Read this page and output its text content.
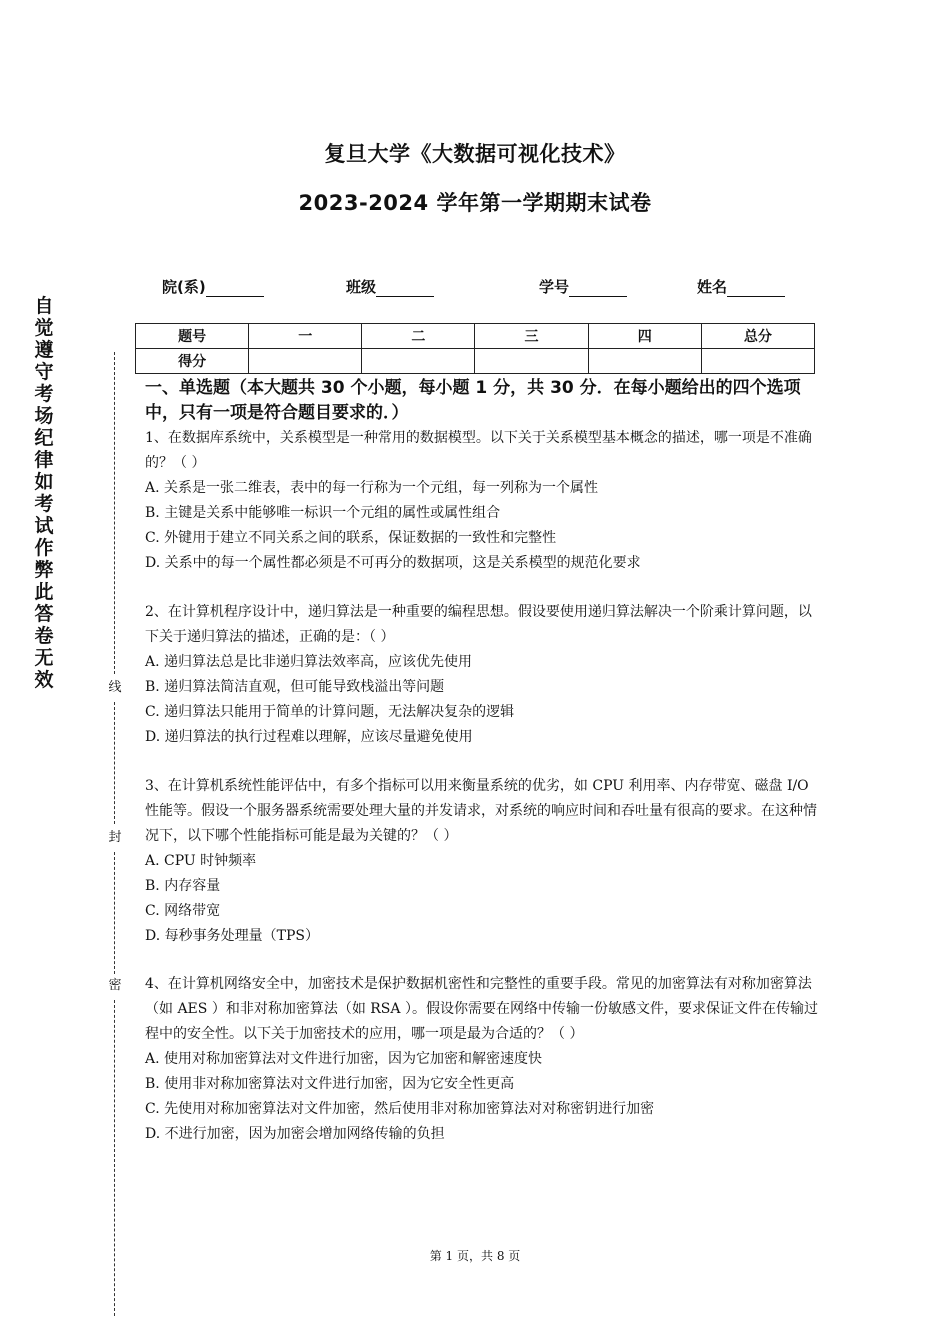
复旦大学《大数据可视化技术》
2023-2024 学年第一学期期末试卷
院(系)	班级	学号	姓名
题号	一	二	三	四	总分
得分					
自觉遵守考场纪律如考试作弊此答卷无效	线
封
密
一、单选题（本大题共 30 个小题，每小题 1 分，共 30 分．在每小题给出的四个选项中，只有一项是符合题目要求的．）

1、在数据库系统中，关系模型是一种常用的数据模型。以下关于关系模型基本概念的描述，哪一项是不准确的？（ ）

A. 关系是一张二维表，表中的每一行称为一个元组，每一列称为一个属性

B. 主键是关系中能够唯一标识一个元组的属性或属性组合

C. 外键用于建立不同关系之间的联系，保证数据的一致性和完整性

D. 关系中的每一个属性都必须是不可再分的数据项，这是关系模型的规范化要求

2、在计算机程序设计中，递归算法是一种重要的编程思想。假设要使用递归算法解决一个阶乘计算问题，以下关于递归算法的描述，正确的是：（ ）

A. 递归算法总是比非递归算法效率高，应该优先使用

B. 递归算法简洁直观，但可能导致栈溢出等问题

C. 递归算法只能用于简单的计算问题，无法解决复杂的逻辑

D. 递归算法的执行过程难以理解，应该尽量避免使用

3、在计算机系统性能评估中，有多个指标可以用来衡量系统的优劣，如 CPU 利用率、内存带宽、磁盘 I/O 性能等。假设一个服务器系统需要处理大量的并发请求，对系统的响应时间和吞吐量有很高的要求。在这种情况下，以下哪个性能指标可能是最为关键的？（ ）

A. CPU 时钟频率

B. 内存容量

C. 网络带宽

D. 每秒事务处理量（TPS）

4、在计算机网络安全中，加密技术是保护数据机密性和完整性的重要手段。常见的加密算法有对称加密算法（如 AES ）和非对称加密算法（如 RSA ）。假设你需要在网络中传输一份敏感文件，要求保证文件在传输过程中的安全性。以下关于加密技术的应用，哪一项是最为合适的？（ ）

A. 使用对称加密算法对文件进行加密，因为它加密和解密速度快

B. 使用非对称加密算法对文件进行加密，因为它安全性更高

C. 先使用对称加密算法对文件加密，然后使用非对称加密算法对对称密钥进行加密

D. 不进行加密，因为加密会增加网络传输的负担

第 1 页，共 8 页
